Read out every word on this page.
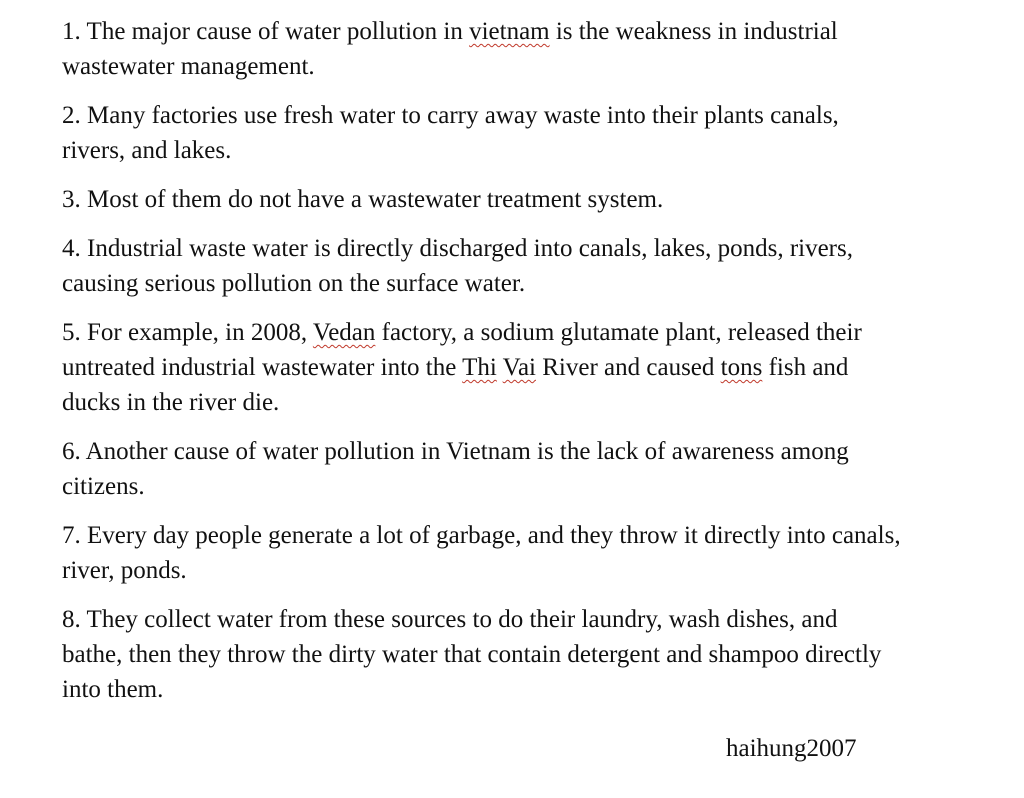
1. The major cause of water pollution in vietnam is the weakness in industrial wastewater management.

2. Many factories use fresh water to carry away waste into their plants canals, rivers, and lakes.

3. Most of them do not have a wastewater treatment system.

4. Industrial waste water is directly discharged into canals, lakes, ponds, rivers, causing serious pollution on the surface water.

5. For example, in 2008, Vedan factory, a sodium glutamate plant, released their untreated industrial wastewater into the Thi Vai River and caused tons fish and ducks in the river die.

6. Another cause of water pollution in Vietnam is the lack of awareness among citizens.

7. Every day people generate a lot of garbage, and they throw it directly into canals, river, ponds.

8. They collect water from these sources to do their laundry, wash dishes, and bathe, then they throw the dirty water that contain detergent and shampoo directly into them.

haihung2007
